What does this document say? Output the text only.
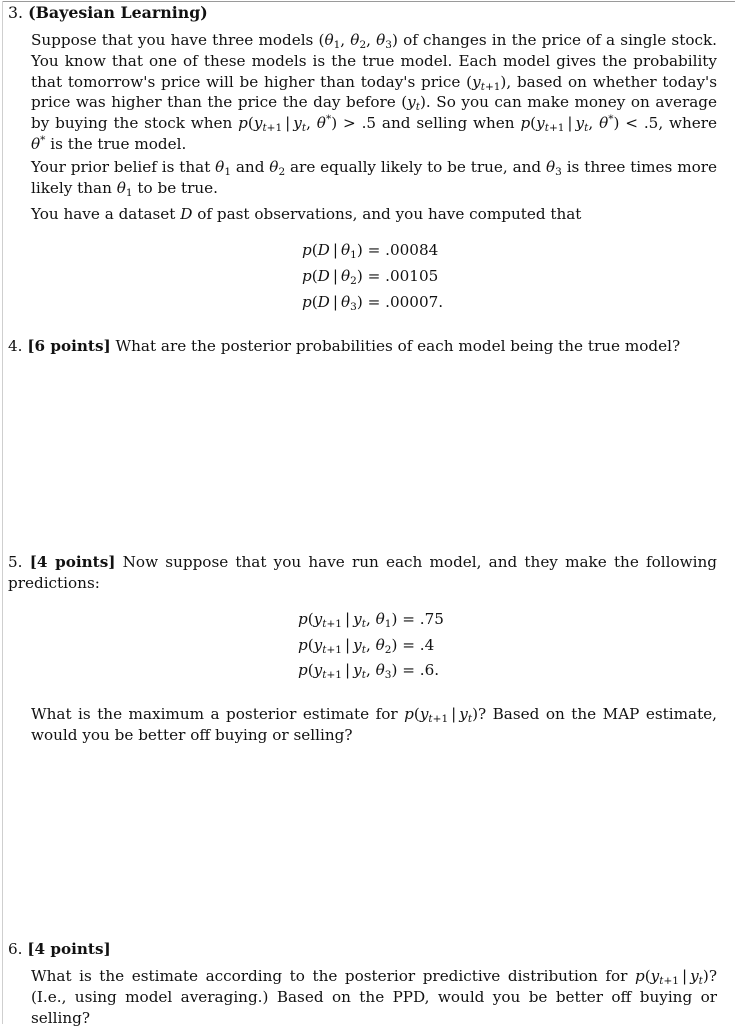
3. (Bayesian Learning)
Suppose that you have three models ($\theta_1$, $\theta_2$, $\theta_3$) of changes in the price of a single stock. You know that one of these models is the true model. Each model gives the probability that tomorrow's price will be higher than today's price $(y_{t+1})$, based on whether today's price was higher than the price the day before $(y_t)$. So you can make money on average by buying the stock when $p(y_{t+1}$ | $y_t$, θ*) > .5 and selling when $p(y_{t+1}$ | $y_t$, θ*) < .5, where θ* is the true model.
Your prior belief is that $\theta_1$ and $\theta_2$ are equally likely to be true, and $\theta_3$ is three times more likely than $\theta_1$ to be true.
You have a dataset D of past observations, and you have computed that
p(D | $\theta_1) = .00084$
p(D | $\theta_2) = .00105$
p(D | $\theta_3) = .00007$.
4. [6 points] What are the posterior probabilities of each model being the true model?
5. [4 points] Now suppose that you have run each model, and they make the following predictions:
$p(y_{t+1}$ | $y_t$, $\theta_1) = .75$
$p(y_{t+1}$ | $y_t$, $\theta_2) = .4$
$p(y_{t+1}$ | $y_t$, $\theta_3) = .6$.
What is the maximum a posterior estimate for $p(y_{t+1}$ | $y_t$)? Based on the MAP estimate, would you be better off buying or selling?
6. [4 points]
What is the estimate according to the posterior predictive distribution for $p(y_{t+1}$ | $y_t$)? (I.e., using model averaging.) Based on the PPD, would you be better off buying or selling?
